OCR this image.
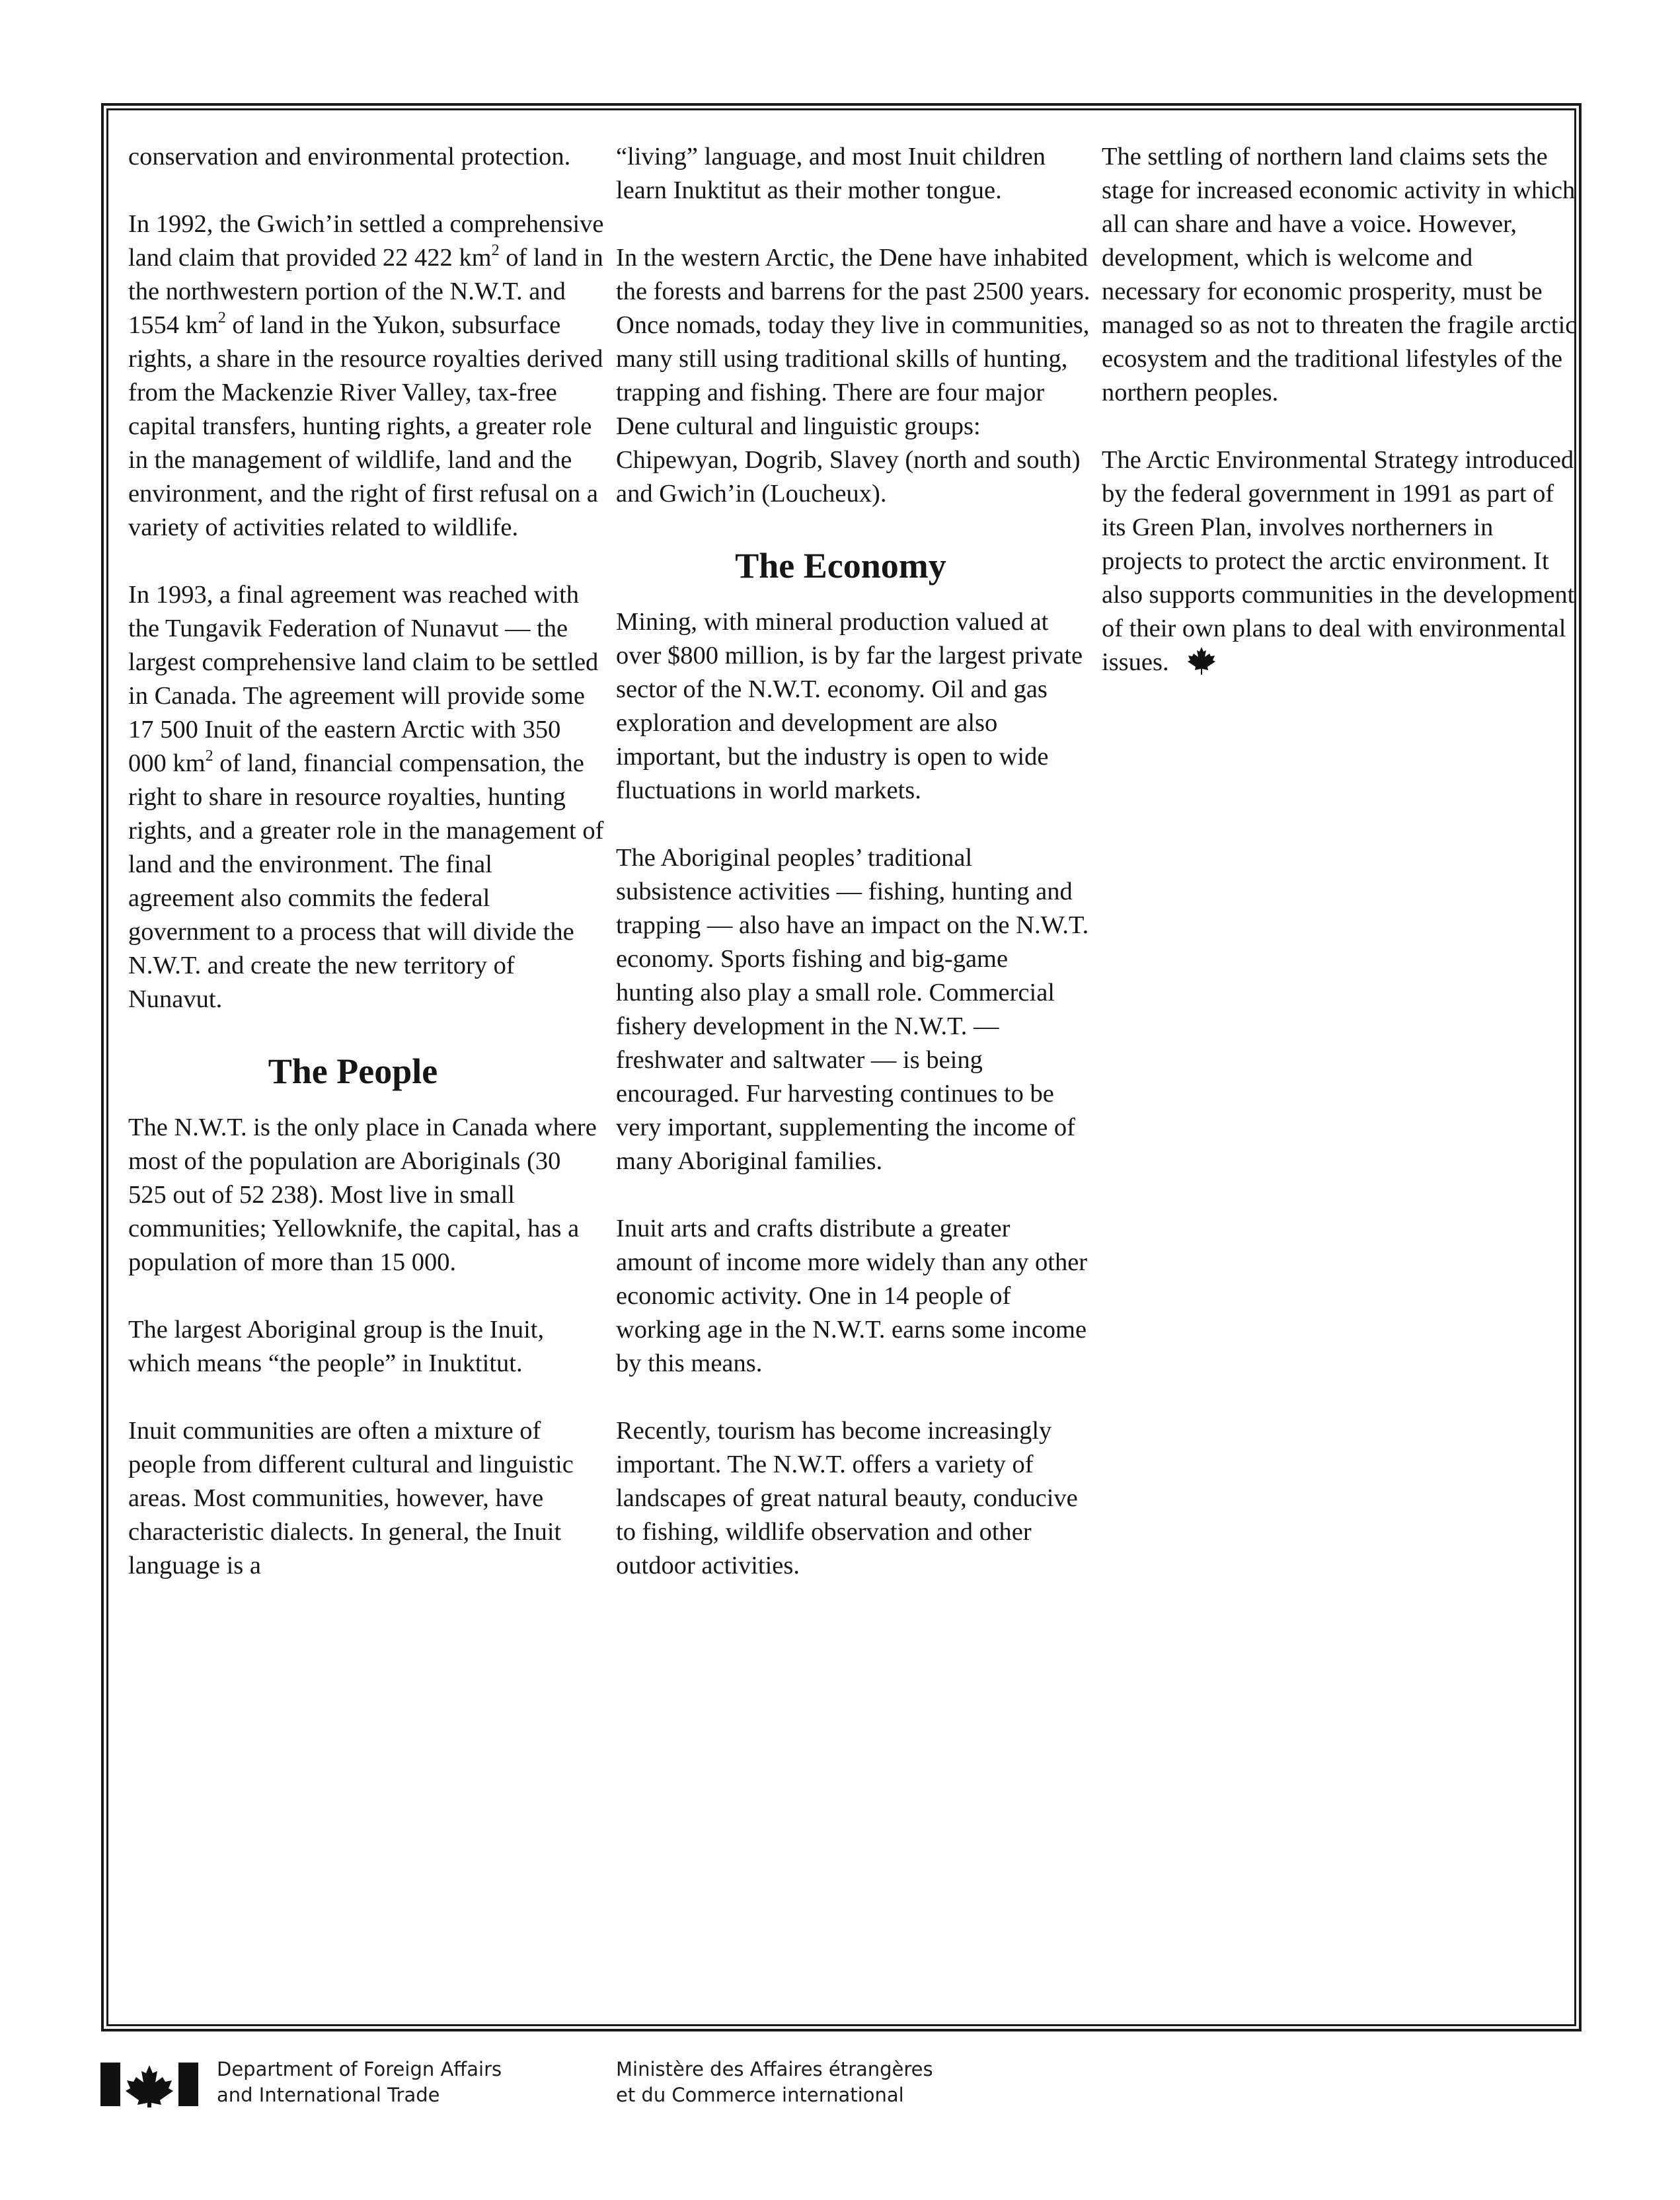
conservation and environmental protection.

In 1992, the Gwich’in settled a comprehensive land claim that provided 22 422 $km^2$ of land in the northwestern portion of the N.W.T. and 1554 $km^2$ of land in the Yukon, subsurface rights, a share in the resource royalties derived from the Mackenzie River Valley, tax-free capital transfers, hunting rights, a greater role in the management of wildlife, land and the environment, and the right of first refusal on a variety of activities related to wildlife.

In 1993, a final agreement was reached with the Tungavik Federation of Nunavut — the largest comprehensive land claim to be settled in Canada. The agreement will provide some 17 500 Inuit of the eastern Arctic with 350 000 $km^2$ of land, financial compensation, the right to share in resource royalties, hunting rights, and a greater role in the management of land and the environment. The final agreement also commits the federal government to a process that will divide the N.W.T. and create the new territory of Nunavut.

The People

The N.W.T. is the only place in Canada where most of the population are Aboriginals (30 525 out of 52 238). Most live in small communities; Yellowknife, the capital, has a population of more than 15 000.

The largest Aboriginal group is the Inuit, which means “the people” in Inuktitut.

Inuit communities are often a mixture of people from different cultural and linguistic areas. Most communities, however, have characteristic dialects. In general, the Inuit language is a

“living” language, and most Inuit children learn Inuktitut as their mother tongue.

In the western Arctic, the Dene have inhabited the forests and barrens for the past 2500 years. Once nomads, today they live in communities, many still using traditional skills of hunting, trapping and fishing. There are four major Dene cultural and linguistic groups: Chipewyan, Dogrib, Slavey (north and south) and Gwich’in (Loucheux).

The Economy

Mining, with mineral production valued at over $800 million, is by far the largest private sector of the N.W.T. economy. Oil and gas exploration and development are also important, but the industry is open to wide fluctuations in world markets.

The Aboriginal peoples’ traditional subsistence activities — fishing, hunting and trapping — also have an impact on the N.W.T. economy. Sports fishing and big-game hunting also play a small role. Commercial fishery development in the N.W.T. — freshwater and saltwater — is being encouraged. Fur harvesting continues to be very important, supplementing the income of many Aboriginal families.

Inuit arts and crafts distribute a greater amount of income more widely than any other economic activity. One in 14 people of working age in the N.W.T. earns some income by this means.

Recently, tourism has become increasingly important. The N.W.T. offers a variety of landscapes of great natural beauty, conducive to fishing, wildlife observation and other outdoor activities.

The settling of northern land claims sets the stage for increased economic activity in which all can share and have a voice. However, development, which is welcome and necessary for economic prosperity, must be managed so as not to threaten the fragile arctic ecosystem and the traditional lifestyles of the northern peoples.

The Arctic Environmental Strategy introduced by the federal government in 1991 as part of its Green Plan, involves northerners in projects to protect the arctic environment. It also supports communities in the development of their own plans to deal with environmental issues.

Department of Foreign Affairs
and International Trade
Ministère des Affaires étrangères
et du Commerce international
